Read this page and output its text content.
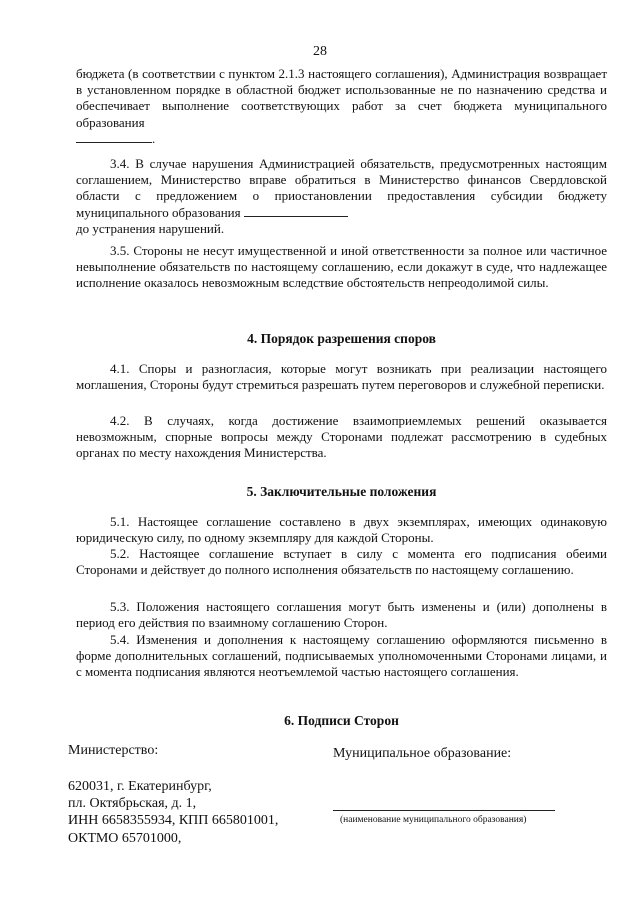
28

бюджета (в соответствии с пунктом 2.1.3 настоящего соглашения), Администрация возвращает в установленном порядке в областной бюджет использованные не по назначению средства и обеспечивает выполнение соответствующих работ за счет бюджета муниципального образования
.

3.4. В случае нарушения Администрацией обязательств, предусмотренных настоящим соглашением, Министерство вправе обратиться в Министерство финансов Свердловской области с предложением о приостановлении предоставления субсидии бюджету муниципального образования
до устранения нарушений.

3.5. Стороны не несут имущественной и иной ответственности за полное или частичное невыполнение обязательств по настоящему соглашению, если докажут в суде, что надлежащее исполнение оказалось невозможным вследствие обстоятельств непреодолимой силы.

4. Порядок разрешения споров

4.1. Споры и разногласия, которые могут возникать при реализации настоящего моглашения, Стороны будут стремиться разрешать путем переговоров и служебной переписки.

4.2. В случаях, когда достижение взаимоприемлемых решений оказывается невозможным, спорные вопросы между Сторонами подлежат рассмотрению в судебных органах по месту нахождения Министерства.

5. Заключительные положения

5.1. Настоящее соглашение составлено в двух экземплярах, имеющих одинаковую юридическую силу, по одному экземпляру для каждой Стороны.

5.2. Настоящее соглашение вступает в силу с момента его подписания обеими Сторонами и действует до полного исполнения обязательств по настоящему соглашению.

5.3. Положения настоящего соглашения могут быть изменены и (или) дополнены в период его действия по взаимному соглашению Сторон.

5.4. Изменения и дополнения к настоящему соглашению оформляются письменно в форме дополнительных соглашений, подписываемых уполномоченными Сторонами лицами, и с момента подписания являются неотъемлемой частью настоящего соглашения.

6. Подписи Сторон

Министерство:	Муниципальное образование:
620031, г. Екатеринбург,
пл. Октябрьская, д. 1,
ИНН 6658355934, КПП 665801001,
ОКТМО 65701000,
(наименование муниципального образования)
